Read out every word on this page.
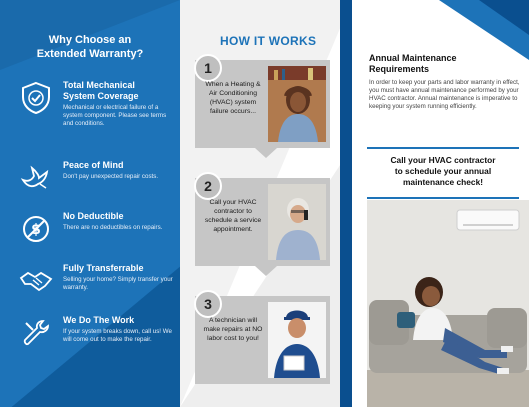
Why Choose an
Extended Warranty?
Total Mechanical
System Coverage
Mechanical or electrical failure of a system component. Please see terms and conditions.
Peace of Mind
Don't pay unexpected repair costs.
$
No Deductible
There are no deductibles on repairs.
Fully Transferrable
Selling your home? Simply transfer your warranty.
We Do The Work
If your system breaks down, call us! We will come out to make the repair.
HOW IT WORKS
1
When a Heating & Air Conditioning (HVAC) system failure occurs...
2
Call your HVAC contractor to schedule a service appointment.
3
A technician will make repairs at NO labor cost to you!
Annual Maintenance
Requirements
In order to keep your parts and labor warranty in effect, you must have annual maintenance performed by your HVAC contractor. Annual maintenance is imperative to keeping your system running efficiently.
Call your HVAC contractor
to schedule your annual
maintenance check!
